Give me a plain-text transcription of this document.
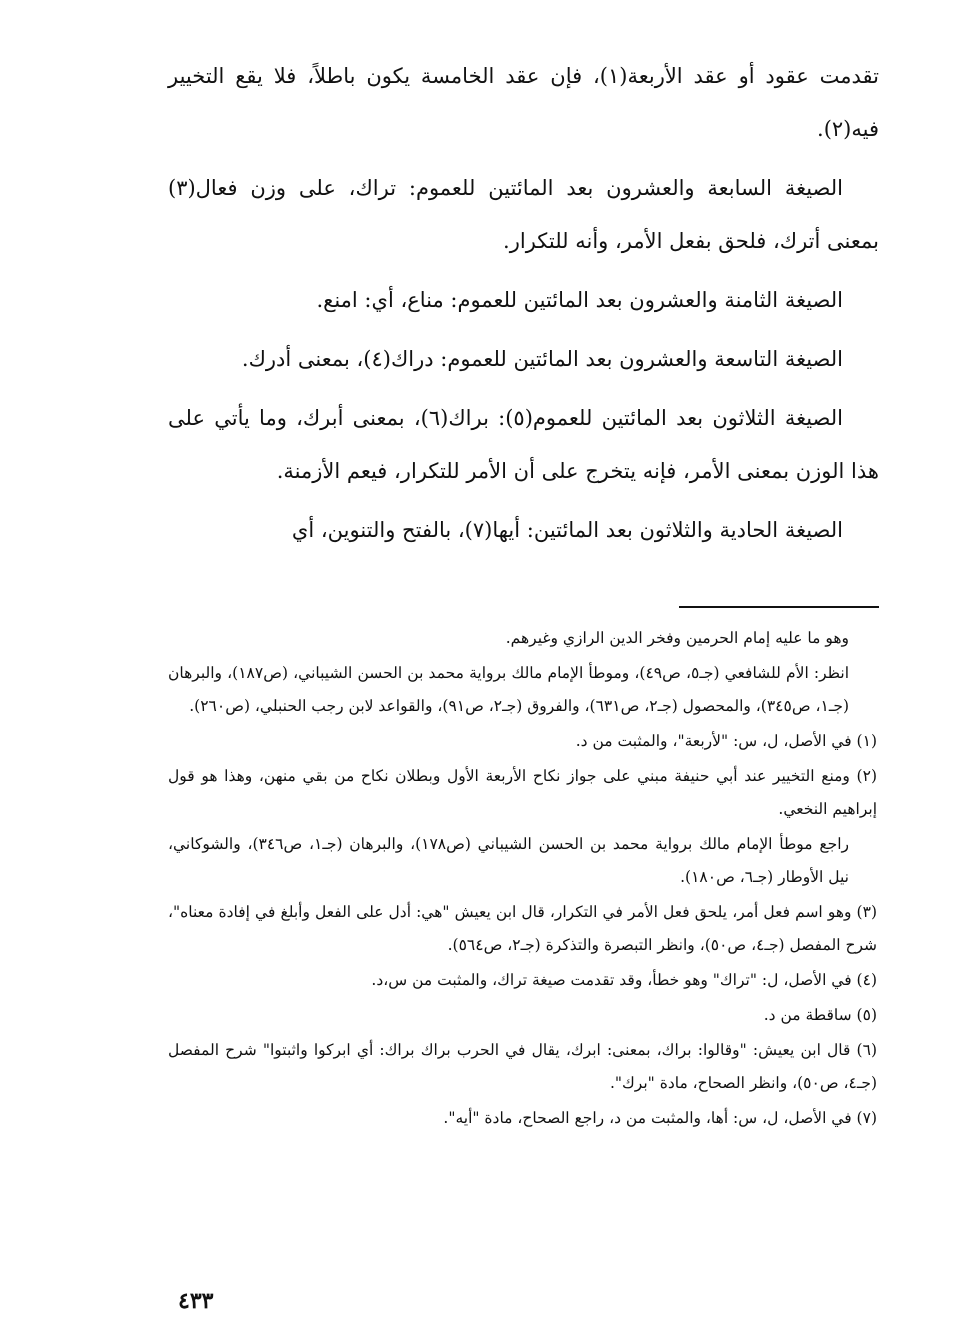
تقدمت عقود أو عقد الأربعة(١)، فإن عقد الخامسة يكون باطلاً، فلا يقع التخيير فيه(٢).

الصيغة السابعة والعشرون بعد المائتين للعموم: تراك، على وزن فعال(٣) بمعنى أترك، فلحق بفعل الأمر، وأنه للتكرار.

الصيغة الثامنة والعشرون بعد المائتين للعموم: مناع، أي: امنع.

الصيغة التاسعة والعشرون بعد المائتين للعموم: دراك(٤)، بمعنى أدرك.

الصيغة الثلاثون بعد المائتين للعموم(٥): براك(٦)، بمعنى أبرك، وما يأتي على هذا الوزن بمعنى الأمر، فإنه يتخرج على أن الأمر للتكرار، فيعم الأزمنة.

الصيغة الحادية والثلاثون بعد المائتين: أيها(٧)، بالفتح والتنوين، أي

وهو ما عليه إمام الحرمين وفخر الدين الرازي وغيرهم.

انظر: الأم للشافعي (جـ٥، ص٤٩)، وموطأ الإمام مالك برواية محمد بن الحسن الشيباني، (ص١٨٧)، والبرهان (جـ١، ص٣٤٥)، والمحصول (جـ٢، ص٦٣١)، والفروق (جـ٢، ص٩١)، والقواعد لابن رجب الحنبلي، (ص٢٦٠).

(١) في الأصل، ل، س: "لأربعة"، والمثبت من د.

(٢) ومنع التخيير عند أبي حنيفة مبني على جواز نكاح الأربعة الأول وبطلان نكاح من بقي منهن، وهذا هو قول إبراهيم النخعي.

راجع موطأ الإمام مالك برواية محمد بن الحسن الشيباني (ص١٧٨)، والبرهان (جـ١، ص٣٤٦)، والشوكاني، نيل الأوطار (جـ٦، ص١٨٠).

(٣) وهو اسم فعل أمر، يلحق فعل الأمر في التكرار، قال ابن يعيش "هي: أدل على الفعل وأبلغ في إفادة معناه"، شرح المفصل (جـ٤، ص٥٠)، وانظر التبصرة والتذكرة (جـ٢، ص٥٦٤).

(٤) في الأصل، ل: "تراك" وهو خطأ، وقد تقدمت صيغة تراك، والمثبت من س،د.

(٥) ساقطة من د.

(٦) قال ابن يعيش: "وقالوا: براك، بمعنى: ابرك، يقال في الحرب براك براك: أي ابركوا واثبتوا" شرح المفصل (جـ٤، ص٥٠)، وانظر الصحاح، مادة "برك".

(٧) في الأصل، ل، س: أها، والمثبت من د، راجع الصحاح، مادة "أيه".

٤٣٣
